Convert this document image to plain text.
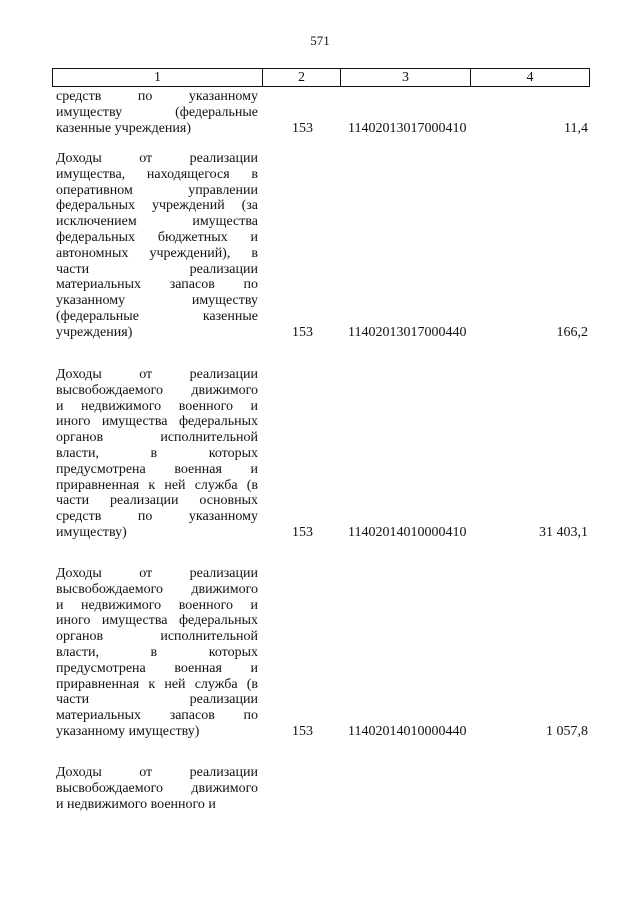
571
1	2	3	4
средств по указанному
имуществу (федеральные
казенные учреждения)	153	11402013017000410	11,4
Доходы от реализации
имущества, находящегося в
оперативном управлении
федеральных учреждений (за
исключением имущества
федеральных бюджетных и
автономных учреждений), в
части реализации
материальных запасов по
указанному имуществу
(федеральные казенные
учреждения)	153	11402013017000440	166,2
Доходы от реализации
высвобождаемого движимого
и недвижимого военного и
иного имущества федеральных
органов исполнительной
власти, в которых
предусмотрена военная и
приравненная к ней служба (в
части реализации основных
средств по указанному
имуществу)	153	11402014010000410	31 403,1
Доходы от реализации
высвобождаемого движимого
и недвижимого военного и
иного имущества федеральных
органов исполнительной
власти, в которых
предусмотрена военная и
приравненная к ней служба (в
части реализации
материальных запасов по
указанному имуществу)	153	11402014010000440	1 057,8
Доходы от реализации
высвобождаемого движимого
и недвижимого военного и
